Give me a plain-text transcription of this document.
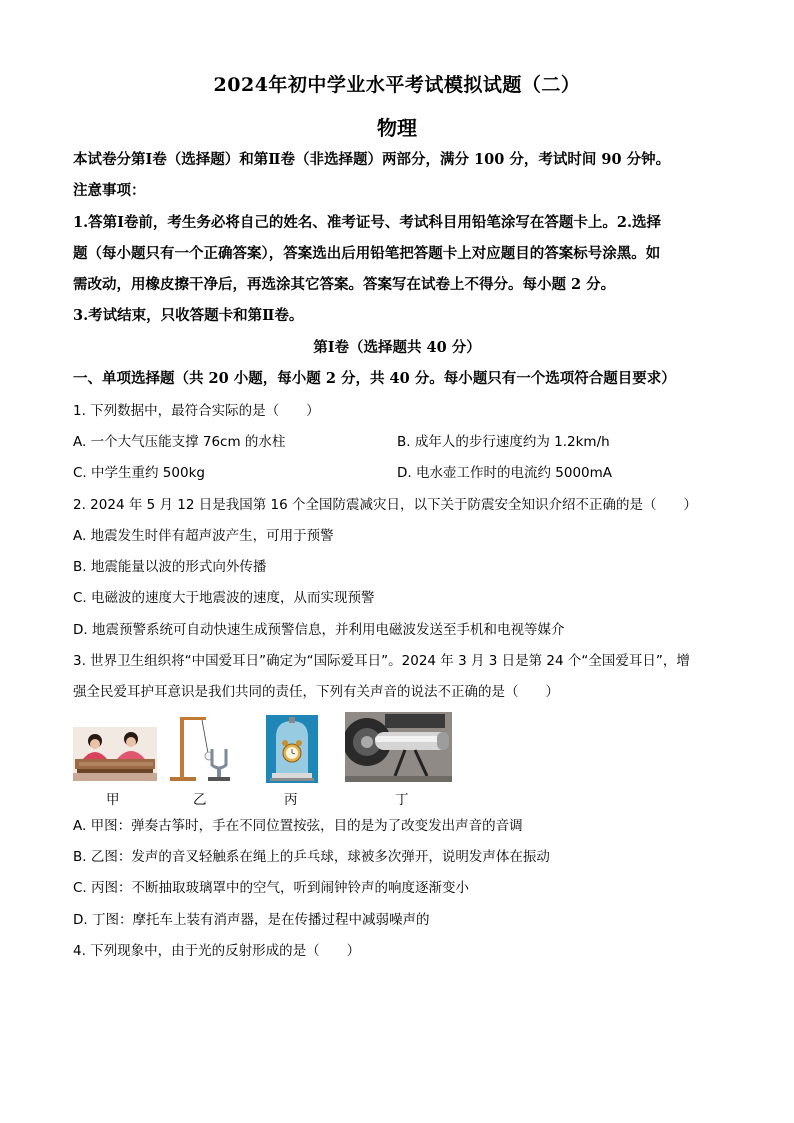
2024年初中学业水平考试模拟试题（二）
物理
本试卷分第Ⅰ卷（选择题）和第Ⅱ卷（非选择题）两部分，满分 100 分，考试时间 90 分钟。
注意事项：
1.答第Ⅰ卷前，考生务必将自己的姓名、准考证号、考试科目用铅笔涂写在答题卡上。2.选择
题（每小题只有一个正确答案），答案选出后用铅笔把答题卡上对应题目的答案标号涂黑。如
需改动，用橡皮擦干净后，再选涂其它答案。答案写在试卷上不得分。每小题 2 分。
3.考试结束，只收答题卡和第Ⅱ卷。
第Ⅰ卷（选择题共 40 分）
一、单项选择题（共 20 小题，每小题 2 分，共 40 分。每小题只有一个选项符合题目要求）
1. 下列数据中，最符合实际的是（　　）
A. 一个大气压能支撑 76cm 的水柱	B. 成年人的步行速度约为 1.2km/h
C. 中学生重约 500kg	D. 电水壶工作时的电流约 5000mA
2. 2024 年 5 月 12 日是我国第 16 个全国防震减灾日，以下关于防震安全知识介绍不正确的是（　　）
A. 地震发生时伴有超声波产生，可用于预警
B. 地震能量以波的形式向外传播
C. 电磁波的速度大于地震波的速度，从而实现预警
D. 地震预警系统可自动快速生成预警信息，并利用电磁波发送至手机和电视等媒介
3. 世界卫生组织将“中国爱耳日”确定为“国际爱耳日”。2024 年 3 月 3 日是第 24 个“全国爱耳日”，增
强全民爱耳护耳意识是我们共同的责任，下列有关声音的说法不正确的是（　　）
甲	乙	丙	丁
A. 甲图：弹奏古筝时，手在不同位置按弦，目的是为了改变发出声音的音调
B. 乙图：发声的音叉轻触系在绳上的乒乓球，球被多次弹开，说明发声体在振动
C. 丙图：不断抽取玻璃罩中的空气，听到闹钟铃声的响度逐渐变小
D. 丁图：摩托车上装有消声器，是在传播过程中减弱噪声的
4. 下列现象中，由于光的反射形成的是（　　）
